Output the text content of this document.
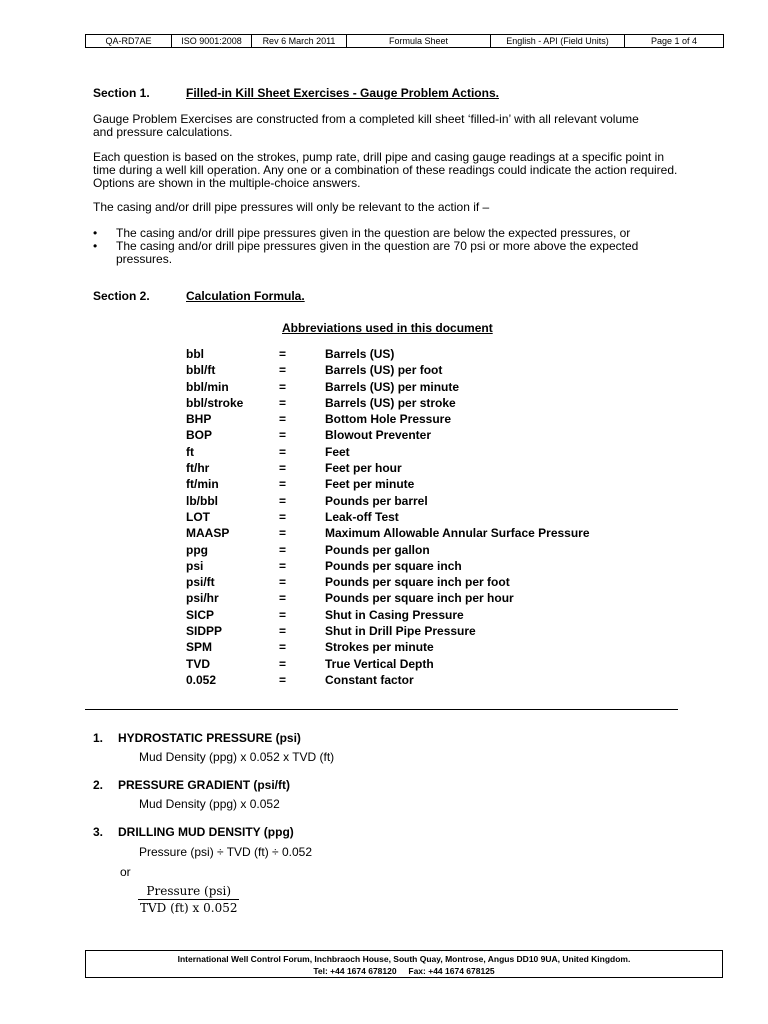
QA-RD7AE	ISO 9001:2008	Rev 6 March 2011	Formula Sheet	English - API (Field Units)	Page 1 of 4
Section 1.	Filled-in Kill Sheet Exercises - Gauge Problem Actions.
Gauge Problem Exercises are constructed from a completed kill sheet ‘filled-in’ with all relevant volume and pressure calculations.
Each question is based on the strokes, pump rate, drill pipe and casing gauge readings at a specific point in time during a well kill operation. Any one or a combination of these readings could indicate the action required. Options are shown in the multiple-choice answers.
The casing and/or drill pipe pressures will only be relevant to the action if –
• The casing and/or drill pipe pressures given in the question are below the expected pressures, or
• The casing and/or drill pipe pressures given in the question are 70 psi or more above the expected pressures.
Section 2.	Calculation Formula.
Abbreviations used in this document
bbl	=	Barrels (US)
bbl/ft	=	Barrels (US) per foot
bbl/min	=	Barrels (US) per minute
bbl/stroke	=	Barrels (US) per stroke
BHP	=	Bottom Hole Pressure
BOP	=	Blowout Preventer
ft	=	Feet
ft/hr	=	Feet per hour
ft/min	=	Feet per minute
lb/bbl	=	Pounds per barrel
LOT	=	Leak-off Test
MAASP	=	Maximum Allowable Annular Surface Pressure
ppg	=	Pounds per gallon
psi	=	Pounds per square inch
psi/ft	=	Pounds per square inch per foot
psi/hr	=	Pounds per square inch per hour
SICP	=	Shut in Casing Pressure
SIDPP	=	Shut in Drill Pipe Pressure
SPM	=	Strokes per minute
TVD	=	True Vertical Depth
0.052	=	Constant factor
1. HYDROSTATIC PRESSURE (psi)
Mud Density (ppg) x 0.052 x TVD (ft)
2. PRESSURE GRADIENT (psi/ft)
Mud Density (ppg) x 0.052
3. DRILLING MUD DENSITY (ppg)
Pressure (psi) ÷ TVD (ft) ÷ 0.052
or
Pressure (psi)
TVD (ft) x 0.052
International Well Control Forum, Inchbraoch House, South Quay, Montrose, Angus DD10 9UA, United Kingdom.
Tel: +44 1674 678120     Fax: +44 1674 678125
